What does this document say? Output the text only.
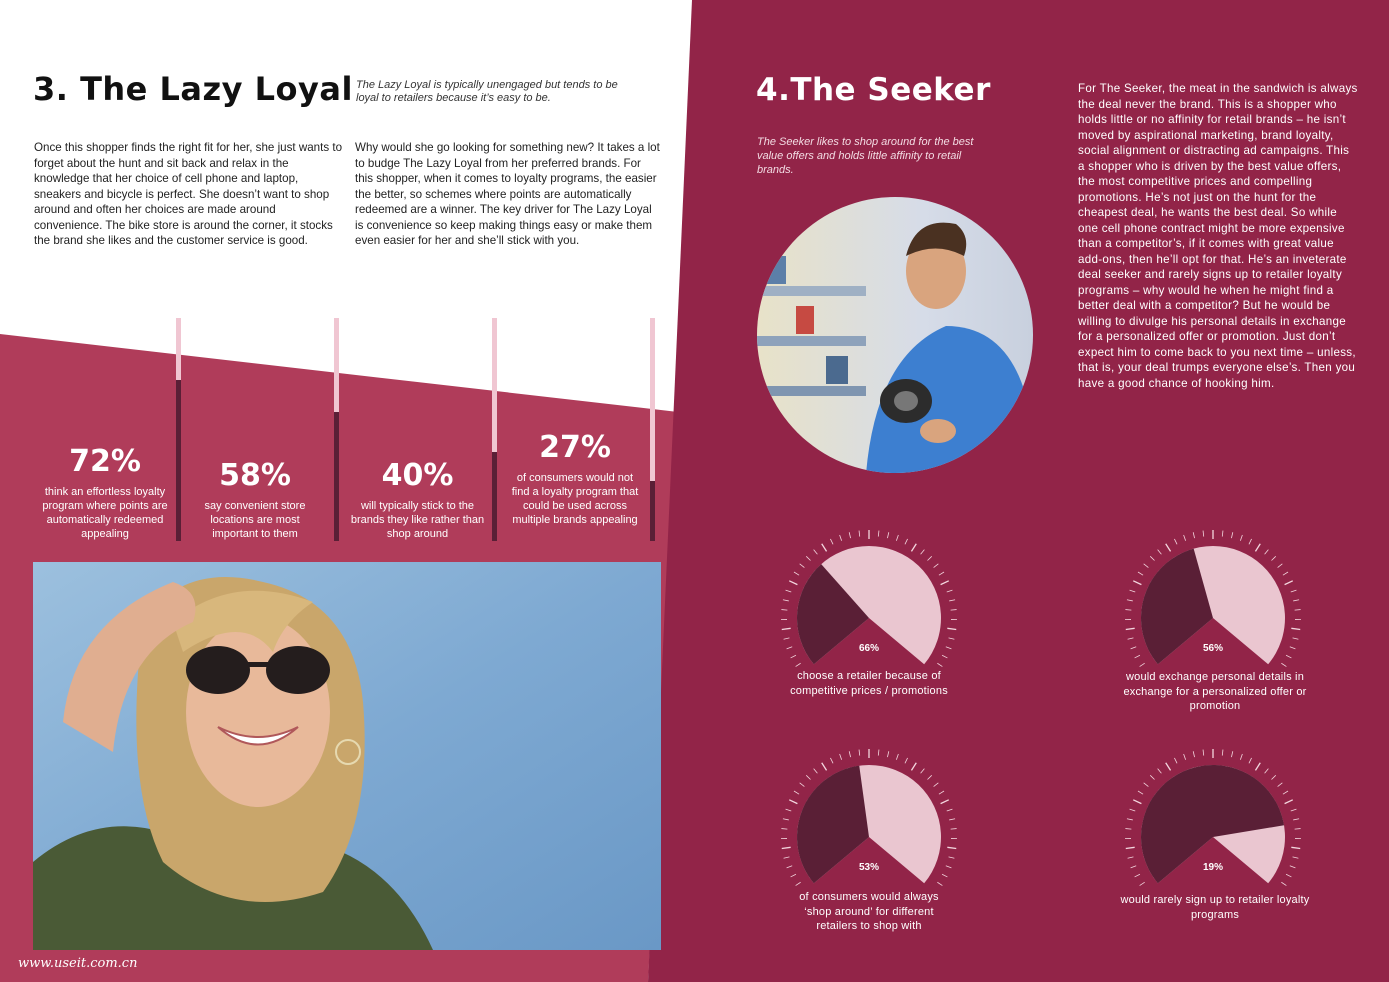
3. The Lazy Loyal The Lazy Loyal is typically unengaged but tends to be loyal to retailers because it’s easy to be.
Once this shopper finds the right fit for her, she just wants to forget about the hunt and sit back and relax in the knowledge that her choice of cell phone and laptop, sneakers and bicycle is perfect. She doesn’t want to shop around and often her choices are made around convenience. The bike store is around the corner, it stocks the brand she likes and the customer service is good.
Why would she go looking for something new? It takes a lot to budge The Lazy Loyal from her preferred brands. For this shopper, when it comes to loyalty programs, the easier the better, so schemes where points are automatically redeemed are a winner. The key driver for The Lazy Loyal is convenience so keep making things easy or make them even easier for her and she’ll stick with you.
72%
think an effortless loyalty program where points are automatically redeemed appealing
58%
say convenient store locations are most important to them
40%
will typically stick to the brands they like rather than shop around
27%
of consumers would not find a loyalty program that could be used across multiple brands appealing
4.The Seeker
The Seeker likes to shop around for the best value offers and holds little affinity to retail brands.
For The Seeker, the meat in the sandwich is always the deal never the brand. This is a shopper who holds little or no affinity for retail brands – he isn’t moved by aspirational marketing, brand loyalty, social alignment or distracting ad campaigns. This a shopper who is driven by the best value offers, the most competitive prices and compelling promotions. He’s not just on the hunt for the cheapest deal, he wants the best deal. So while one cell phone contract might be more expensive than a competitor’s, if it comes with great value add-ons, then he’ll opt for that. He’s an inveterate deal seeker and rarely signs up to retailer loyalty programs – why would he when he might find a better deal with a competitor? But he would be willing to divulge his personal details in exchange for a personalized offer or promotion. Just don’t expect him to come back to you next time – unless, that is, your deal trumps everyone else’s. Then you have a good chance of hooking him.
66%	56%
53%	19%
choose a retailer because of competitive prices / promotions
would exchange personal details in exchange for a personalized offer or promotion
of consumers would always ‘shop around’ for different retailers to shop with
would rarely sign up to retailer loyalty programs
www.useit.com.cn
